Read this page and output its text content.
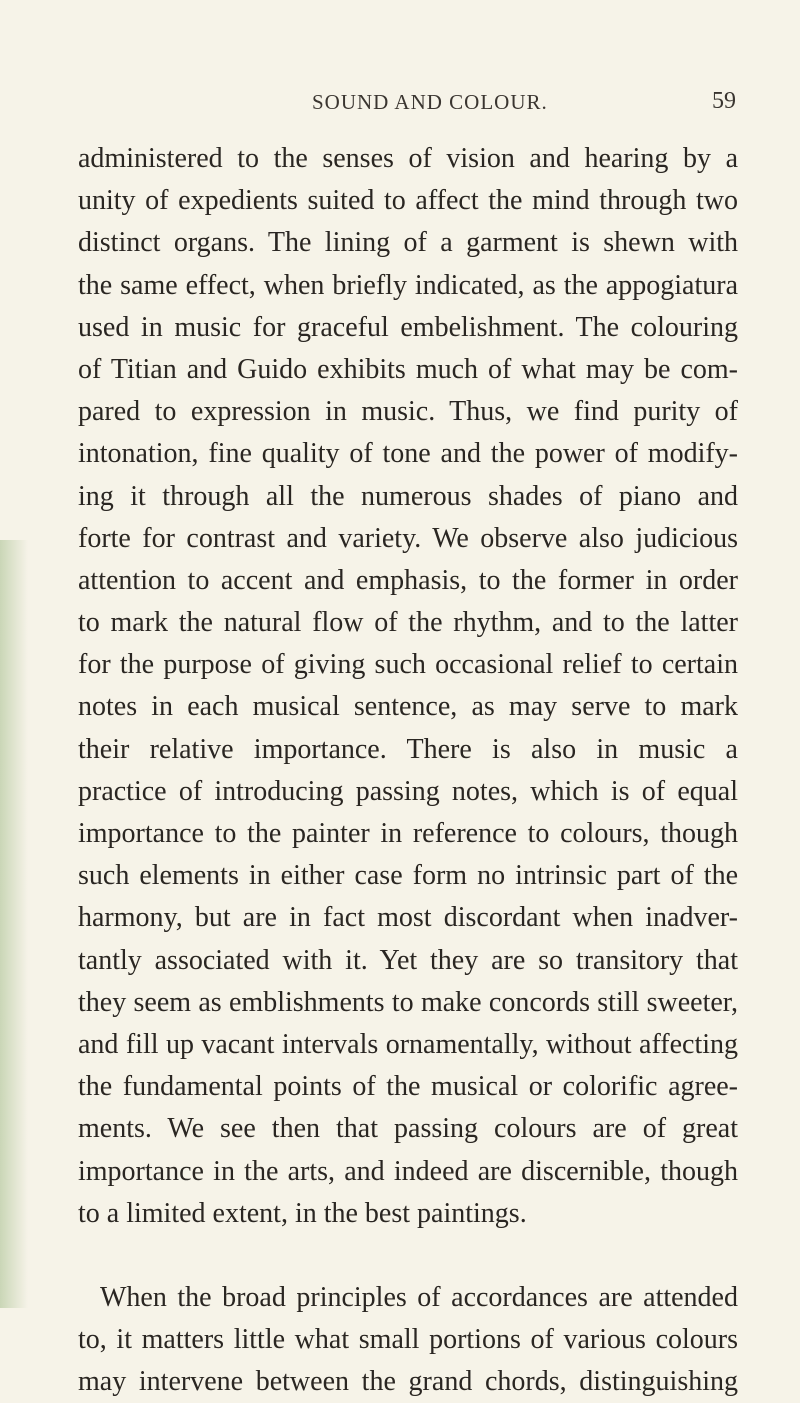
SOUND AND COLOUR.	59
administered to the senses of vision and hearing by a
unity of expedients suited to affect the mind through two
distinct organs. The lining of a garment is shewn with
the same effect, when briefly indicated, as the appogiatura
used in music for graceful embelishment. The colouring
of Titian and Guido exhibits much of what may be com-
pared to expression in music. Thus, we find purity of
intonation, fine quality of tone and the power of modify-
ing it through all the numerous shades of piano and
forte for contrast and variety. We observe also judicious
attention to accent and emphasis, to the former in order
to mark the natural flow of the rhythm, and to the latter
for the purpose of giving such occasional relief to certain
notes in each musical sentence, as may serve to mark
their relative importance. There is also in music a
practice of introducing passing notes, which is of equal
importance to the painter in reference to colours, though
such elements in either case form no intrinsic part of the
harmony, but are in fact most discordant when inadver-
tantly associated with it. Yet they are so transitory that
they seem as emblishments to make concords still sweeter,
and fill up vacant intervals ornamentally, without affecting
the fundamental points of the musical or colorific agree-
ments. We see then that passing colours are of great
importance in the arts, and indeed are discernible, though
to a limited extent, in the best paintings.
When the broad principles of accordances are attended
to, it matters little what small portions of various colours
may intervene between the grand chords, distinguishing
